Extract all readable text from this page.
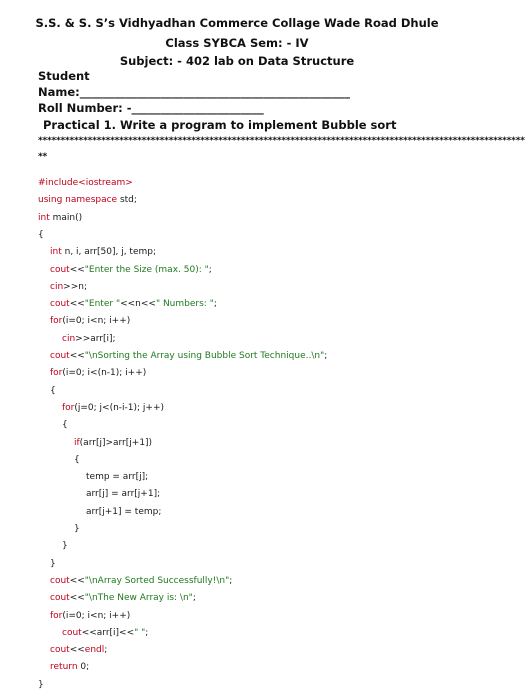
S.S. & S. S’s Vidhyadhan Commerce Collage Wade Road Dhule
Class SYBCA Sem: - IV
Subject: - 402 lab on Data Structure
Student
Name:_______________________________________________
Roll Number: -_______________________
Practical 1. Write a program to implement Bubble sort
************************************************************************************************************
**
#include<iostream>
using namespace std;
int main()
{
int n, i, arr[50], j, temp;
cout<<"Enter the Size (max. 50): ";
cin>>n;
cout<<"Enter "<<n<<" Numbers: ";
for(i=0; i<n; i++)
cin>>arr[i];
cout<<"\nSorting the Array using Bubble Sort Technique..\n";
for(i=0; i<(n-1); i++)
{
for(j=0; j<(n-i-1); j++)
{
if(arr[j]>arr[j+1])
{
temp = arr[j];
arr[j] = arr[j+1];
arr[j+1] = temp;
}
}
}
cout<<"\nArray Sorted Successfully!\n";
cout<<"\nThe New Array is: \n";
for(i=0; i<n; i++)
cout<<arr[i]<<" ";
cout<<endl;
return 0;
}
